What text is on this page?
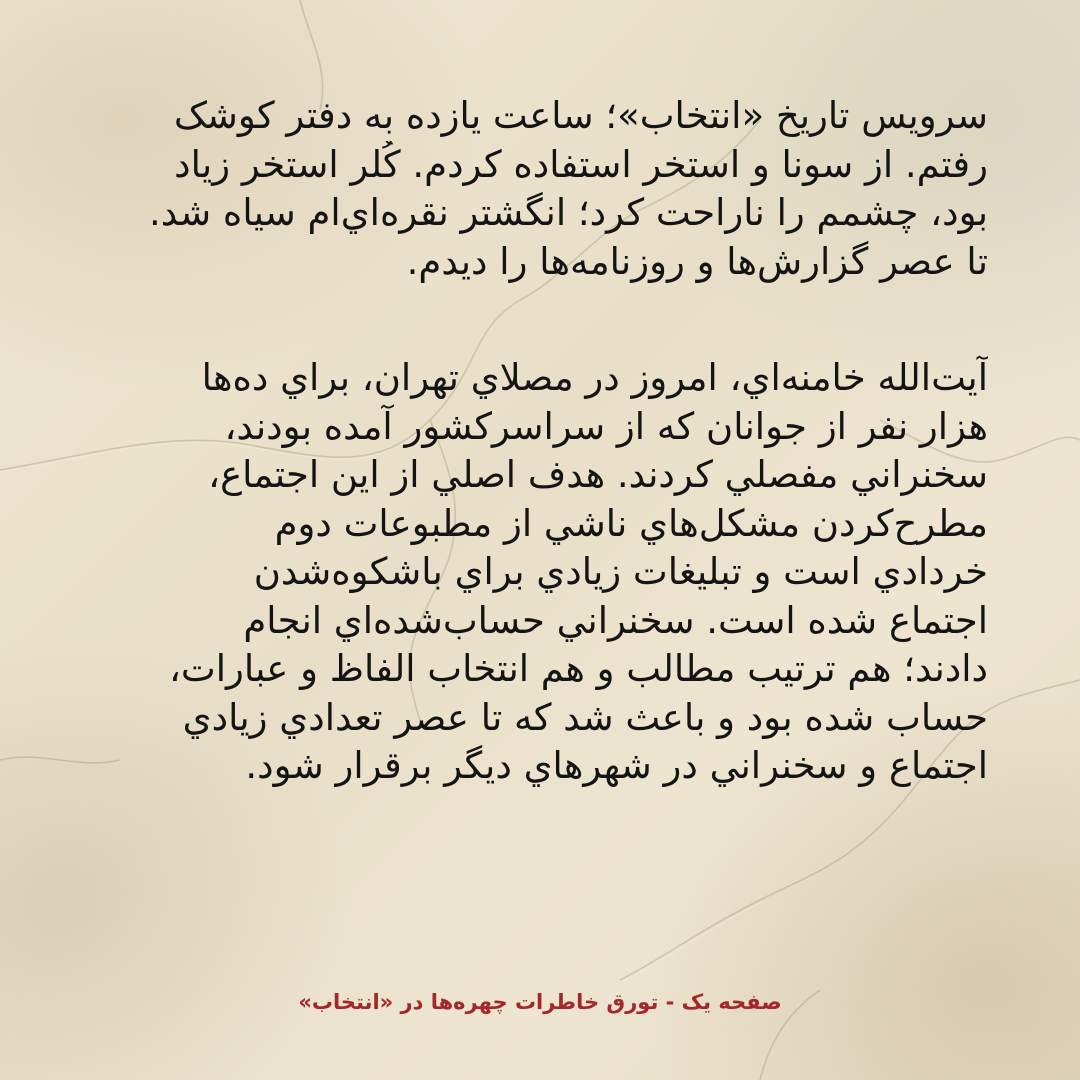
سرویس تاریخ «انتخاب»؛ ساعت یازده به دفتر کوشک
رفتم. از سونا و استخر استفاده کردم. کُلر استخر زیاد
بود، چشمم را ناراحت کرد؛ انگشتر نقره‌اي‌ام سیاه شد.
تا عصر گزارش‌ها و روزنامه‌ها را دیدم.
آیت‌الله خامنه‌اي، امروز در مصلاي تهران، براي ده‌ها
هزار نفر از جوانان که از سراسرکشور آمده بودند،
سخنراني مفصلي کردند. هدف اصلي از این اجتماع،
مطرح‌کردن مشکل‌هاي ناشي از مطبوعات دوم
خردادي است و تبلیغات زیادي براي باشکوه‌شدن
اجتماع شده است. سخنراني حساب‌شده‌اي انجام
دادند؛ هم ترتیب مطالب و هم انتخاب الفاظ و عبارات،
حساب شده بود و باعث شد که تا عصر تعدادي زیادي
اجتماع و سخنراني در شهرهاي دیگر برقرار شود.
صفحه یک - تورق خاطرات چهره‌ها در «انتخاب»
